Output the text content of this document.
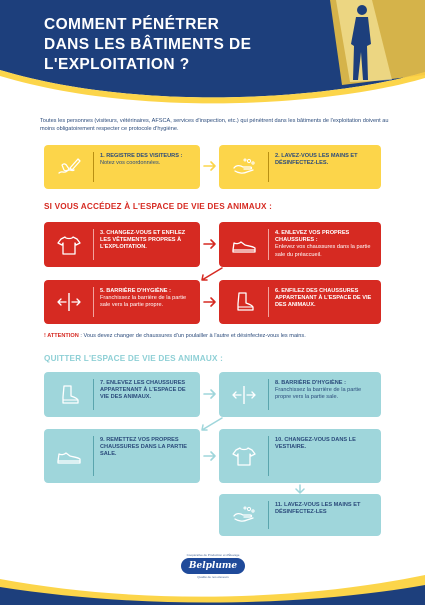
COMMENT PÉNÉTRER
DANS LES BÂTIMENTS DE
L'EXPLOITATION ?
Toutes les personnes (visiteurs, vétérinaires, AFSCA, services d'inspection, etc.) qui pénètrent dans les bâtiments de l'exploitation doivent au moins obligatoirement respecter ce protocole d'hygiène.
1. REGISTRE DES VISITEURS :
Notez vos coordonnées.
2. LAVEZ-VOUS LES MAINS ET DÉSINFECTEZ-LES.
SI VOUS ACCÉDEZ À L'ESPACE DE VIE DES ANIMAUX :
3. CHANGEZ-VOUS ET ENFILEZ LES VÊTEMENTS PROPRES À L'EXPLOITATION.
4. ENLEVEZ VOS PROPRES CHAUSSURES :
Enlevez vos chaussures dans la partie sale du préaccueil.
5. BARRIÈRE D'HYGIÈNE :
Franchissez la barrière de la partie sale vers la partie propre.
6. ENFILEZ DES CHAUSSURES APPARTENANT À L'ESPACE DE VIE DES ANIMAUX.
! ATTENTION : Vous devez changer de chaussures d'un poulailler à l'autre et désinfectez-vous les mains.
QUITTER L'ESPACE DE VIE DES ANIMAUX :
7. ENLEVEZ LES CHAUSSURES APPARTENANT À L'ESPACE DE VIE DES ANIMAUX.
8. BARRIÈRE D'HYGIÈNE :
Franchissez la barrière de la partie propre vers la partie sale.
9. REMETTEZ VOS PROPRES CHAUSSURES DANS LA PARTIE SALE.
10. CHANGEZ-VOUS DANS LE VESTIAIRE.
11. LAVEZ-VOUS LES MAINS ET DÉSINFECTEZ-LES
Coopérative de Production et d'Élevage
Belplume
Qualité de nos éleveurs
